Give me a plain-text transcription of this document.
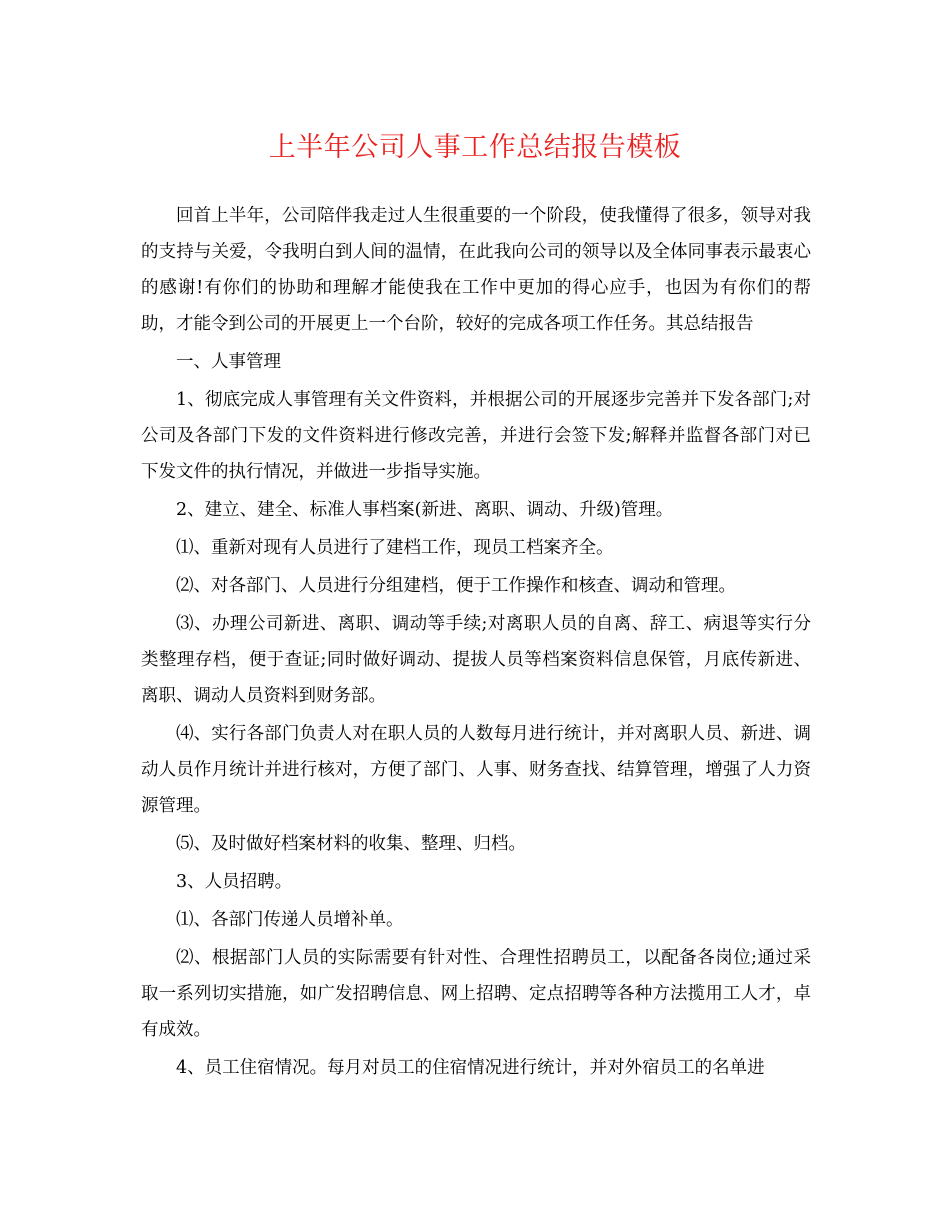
上半年公司人事工作总结报告模板

回首上半年，公司陪伴我走过人生很重要的一个阶段，使我懂得了很多，领导对我的支持与关爱，令我明白到人间的温情，在此我向公司的领导以及全体同事表示最衷心的感谢!有你们的协助和理解才能使我在工作中更加的得心应手，也因为有你们的帮助，才能令到公司的开展更上一个台阶，较好的完成各项工作任务。其总结报告

一、人事管理

1、彻底完成人事管理有关文件资料，并根据公司的开展逐步完善并下发各部门;对公司及各部门下发的文件资料进行修改完善，并进行会签下发;解释并监督各部门对已下发文件的执行情况，并做进一步指导实施。

2、建立、建全、标准人事档案(新进、离职、调动、升级)管理。

⑴、重新对现有人员进行了建档工作，现员工档案齐全。

⑵、对各部门、人员进行分组建档，便于工作操作和核查、调动和管理。

⑶、办理公司新进、离职、调动等手续;对离职人员的自离、辞工、病退等实行分类整理存档，便于查证;同时做好调动、提拔人员等档案资料信息保管，月底传新进、离职、调动人员资料到财务部。

⑷、实行各部门负责人对在职人员的人数每月进行统计，并对离职人员、新进、调动人员作月统计并进行核对，方便了部门、人事、财务查找、结算管理，增强了人力资源管理。

⑸、及时做好档案材料的收集、整理、归档。

3、人员招聘。

⑴、各部门传递人员增补单。

⑵、根据部门人员的实际需要有针对性、合理性招聘员工，以配备各岗位;通过采取一系列切实措施，如广发招聘信息、网上招聘、定点招聘等各种方法揽用工人才，卓有成效。

4、员工住宿情况。每月对员工的住宿情况进行统计，并对外宿员工的名单进
